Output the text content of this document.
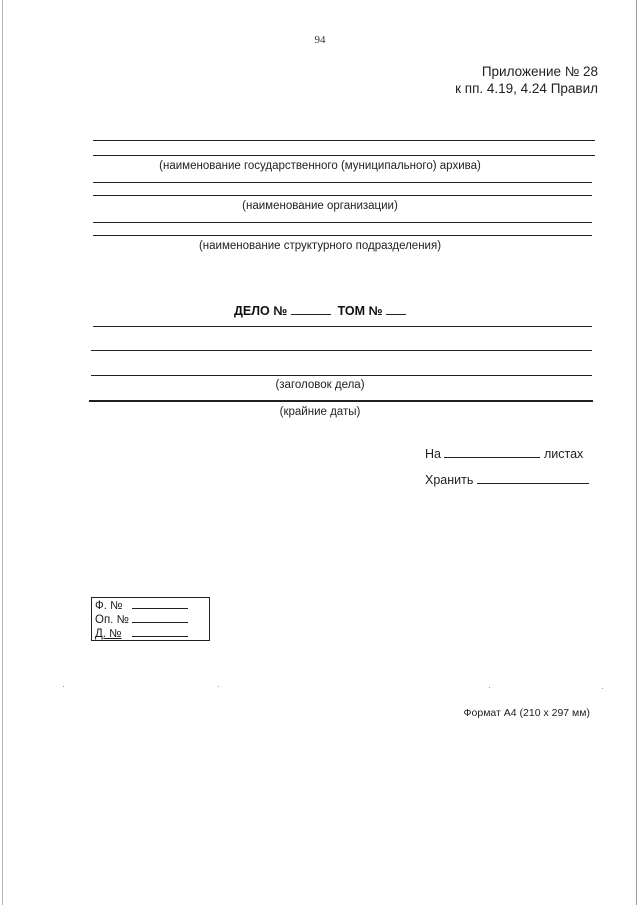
94
Приложение № 28
к пп. 4.19, 4.24 Правил
(наименование государственного (муниципального) архива)
(наименование организации)
(наименование структурного подразделения)
ДЕЛО №	ТОМ №
(заголовок дела)
(крайние даты)
На	листах
Хранить
Ф. №
Оп. №
Д. №
Формат А4 (210 х 297 мм)
